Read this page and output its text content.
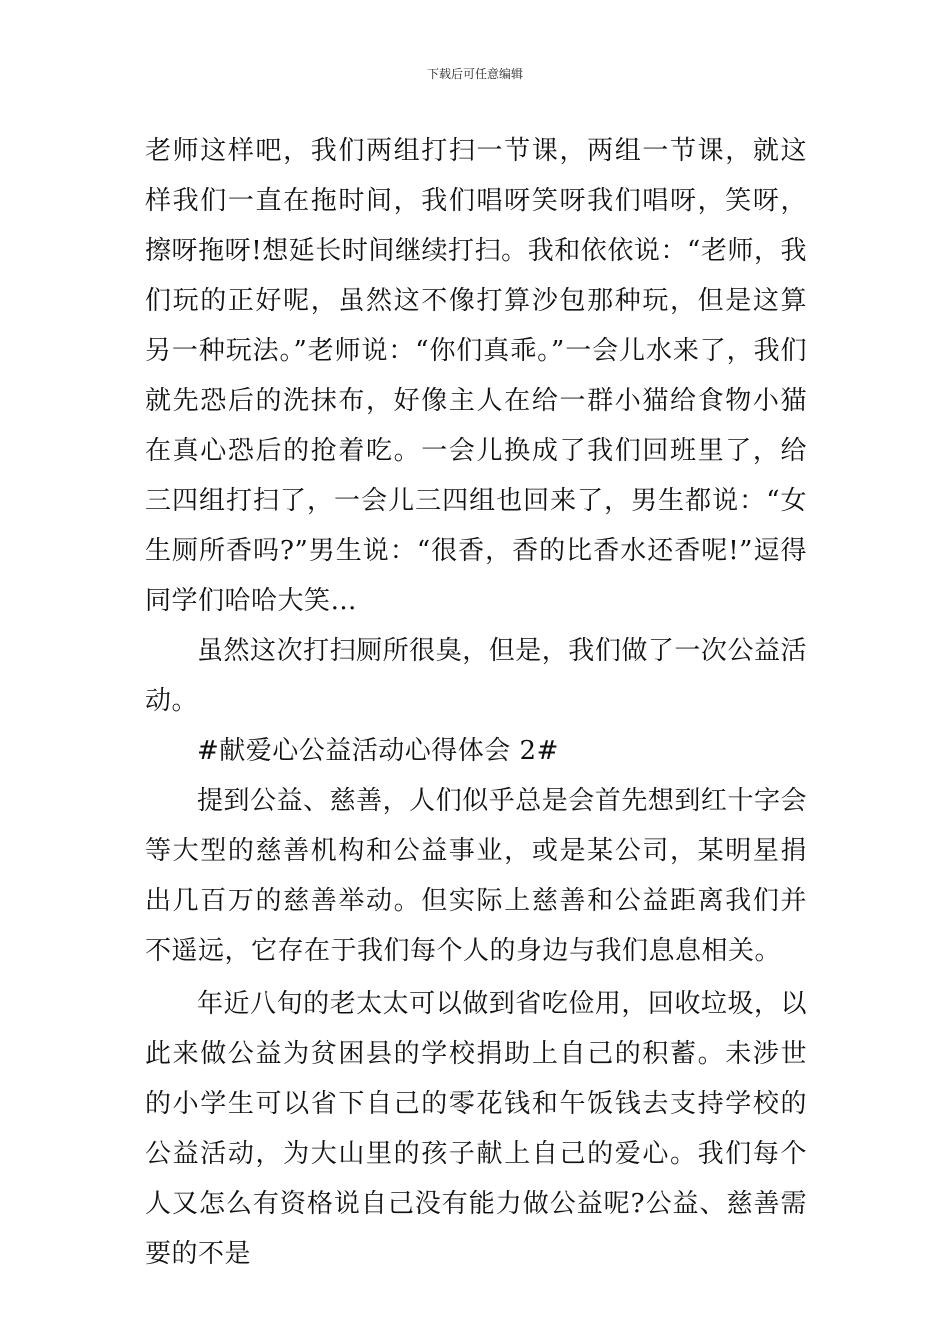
下载后可任意编辑

老师这样吧，我们两组打扫一节课，两组一节课，就这样我们一直在拖时间，我们唱呀笑呀我们唱呀，笑呀，擦呀拖呀!想延长时间继续打扫。我和依依说：“老师，我们玩的正好呢，虽然这不像打算沙包那种玩，但是这算另一种玩法。”老师说：“你们真乖。”一会儿水来了，我们就先恐后的洗抹布，好像主人在给一群小猫给食物小猫在真心恐后的抢着吃。一会儿换成了我们回班里了，给三四组打扫了，一会儿三四组也回来了，男生都说：“女生厕所香吗?”男生说：“很香，香的比香水还香呢!”逗得同学们哈哈大笑…

虽然这次打扫厕所很臭，但是，我们做了一次公益活动。

#献爱心公益活动心得体会 2#

提到公益、慈善，人们似乎总是会首先想到红十字会等大型的慈善机构和公益事业，或是某公司，某明星捐出几百万的慈善举动。但实际上慈善和公益距离我们并不遥远，它存在于我们每个人的身边与我们息息相关。

年近八旬的老太太可以做到省吃俭用，回收垃圾，以此来做公益为贫困县的学校捐助上自己的积蓄。未涉世的小学生可以省下自己的零花钱和午饭钱去支持学校的公益活动，为大山里的孩子献上自己的爱心。我们每个人又怎么有资格说自己没有能力做公益呢?公益、慈善需要的不是
